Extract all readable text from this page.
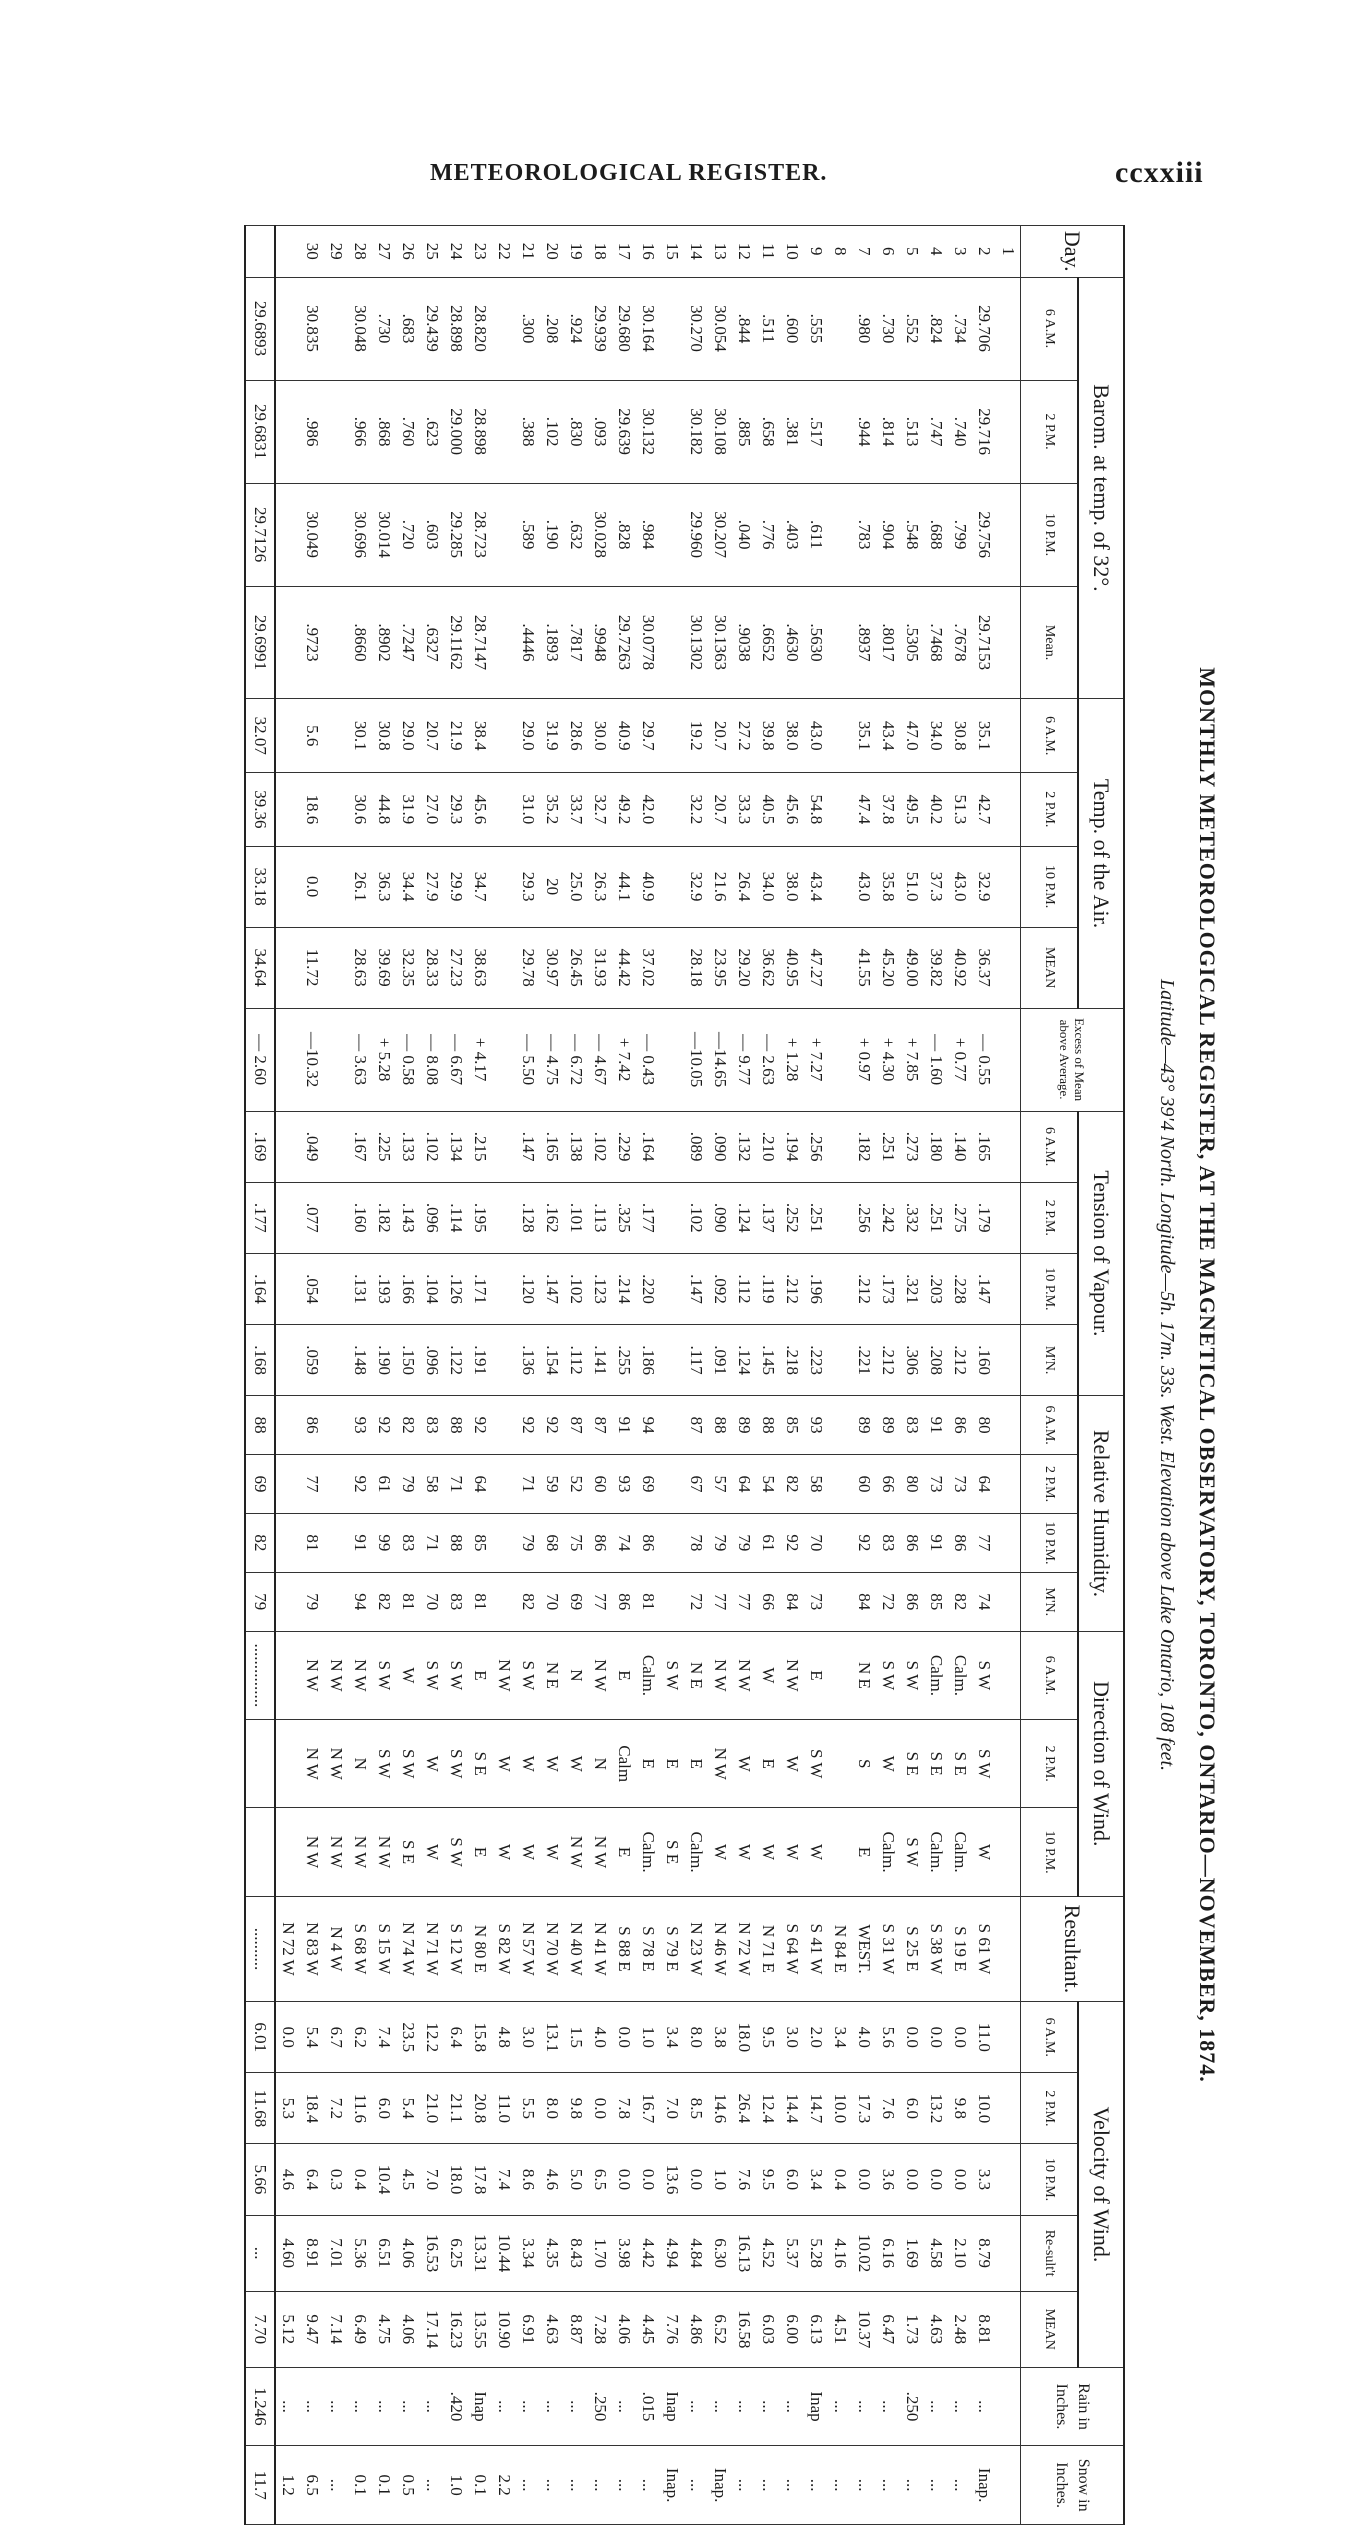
METEOROLOGICAL REGISTER.	ccxxiii
MONTHLY METEOROLOGICAL REGISTER, AT THE MAGNETICAL OBSERVATORY, TORONTO, ONTARIO—NOVEMBER, 1874.
Latitude—43° 39'4 North. Longitude—5h. 17m. 33s. West. Elevation above Lake Ontario, 108 feet.
Day.	Barom. at temp. of 32°.				Temp. of the Air.				Excess of Mean above Average.	Tension of Vapour.				Relative Humidity.				Direction of Wind.			Resultant.	Velocity of Wind.					Rain in Inches.	Snow in Inches.
	6 A.M.	2 P.M.	10 P.M.	Mean.	6 A.M.	2 P.M.	10 P.M.	MEAN		6 A.M.	2 P.M.	10 P.M.	M'N.	6 A.M.	2 P.M.	10 P.M.	M'N.	6 A.M.	2 P.M.	10 P.M.		6 A.M.	2 P.M.	10 P.M.	Re-sult't	MEAN		
1																												
2	29.706	29.716	29.756	29.7153	35.1	42.7	32.9	36.37	— 0.55	.165	.179	.147	.160	80	64	77	74	S W	S W	W	S 61 W	11.0	10.0	3.3	8.79	8.81	...	Inap.
3	.734	.740	.799	.7678	30.8	51.3	43.0	40.92	+ 0.77	.140	.275	.228	.212	86	73	86	82	Calm.	S E	Calm.	S 19 E	0.0	9.8	0.0	2.10	2.48	...	...
4	.824	.747	.688	.7468	34.0	40.2	37.3	39.82	— 1.60	.180	.251	.203	.208	91	73	91	85	Calm.	S E	Calm.	S 38 W	0.0	13.2	0.0	4.58	4.63	...	...
5	.552	.513	.548	.5305	47.0	49.5	51.0	49.00	+ 7.85	.273	.332	.321	.306	83	80	86	86	S W	S E	S W	S 25 E	0.0	6.0	0.0	1.69	1.73	.250	...
6	.730	.814	.904	.8017	43.4	37.8	35.8	45.20	+ 4.30	.251	.242	.173	.212	89	66	83	72	S W	W	Calm.	S 31 W	5.6	7.6	3.6	6.16	6.47	...	...
7	.980	.944	.783	.8937	35.1	47.4	43.0	41.55	+ 0.97	.182	.256	.212	.221	89	60	92	84	N E	S	E	WEST.	4.0	17.3	0.0	10.02	10.37	...	...
8																					N 84 E	3.4	10.0	0.4	4.16	4.51	...	...
9	.555	.517	.611	.5630	43.0	54.8	43.4	47.27	+ 7.27	.256	.251	.196	.223	93	58	70	73	E	S W	W	S 41 W	2.0	14.7	3.4	5.28	6.13	Inap	...
10	.600	.381	.403	.4630	38.0	45.6	38.0	40.95	+ 1.28	.194	.252	.212	.218	85	82	92	84	N W	W	W	S 64 W	3.0	14.4	6.0	5.37	6.00	...	...
11	.511	.658	.776	.6652	39.8	40.5	34.0	36.62	— 2.63	.210	.137	.119	.145	88	54	61	66	W	E	W	N 71 E	9.5	12.4	9.5	4.52	6.03	...	...
12	.844	.885	.040	.9038	27.2	33.3	26.4	29.20	— 9.77	.132	.124	.112	.124	89	64	79	77	N W	W	W	N 72 W	18.0	26.4	7.6	16.13	16.58	...	...
13	30.054	30.108	30.207	30.1363	20.7	20.7	21.6	23.95	—14.65	.090	.090	.092	.091	88	57	79	77	N W	N W	W	N 46 W	3.8	14.6	1.0	6.30	6.52	...	Inap.
14	30.270	30.182	29.960	30.1302	19.2	32.2	32.9	28.18	—10.05	.089	.102	.147	.117	87	67	78	72	N E	E	Calm.	N 23 W	8.0	8.5	0.0	4.84	4.86	...	...
15																		S W	E	S E	S 79 E	3.4	7.0	13.6	4.94	7.76	Inap	Inap.
16	30.164	30.132	.984	30.0778	29.7	42.0	40.9	37.02	— 0.43	.164	.177	.220	.186	94	69	86	81	Calm.	E	Calm.	S 78 E	1.0	16.7	0.0	4.42	4.45	.015	...
17	29.680	29.639	.828	29.7263	40.9	49.2	44.1	44.42	+ 7.42	.229	.325	.214	.255	91	93	74	86	E	Calm	E	S 88 E	0.0	7.8	0.0	3.98	4.06	...	...
18	29.939	.093	30.028	.9948	30.0	32.7	26.3	31.93	— 4.67	.102	.113	.123	.141	87	60	86	77	N W	N	N W	N 41 W	4.0	0.0	6.5	1.70	7.28	.250	...
19	.924	.830	.632	.7817	28.6	33.7	25.0	26.45	— 6.72	.138	.101	.102	.112	87	52	75	69	N	W	N W	N 40 W	1.5	9.8	5.0	8.43	8.87	...	...
20	.208	.102	.190	.1893	31.9	35.2	20	30.97	— 4.75	.165	.162	.147	.154	92	59	68	70	N E	W	W	N 70 W	13.1	8.0	4.6	4.35	4.63	...	...
21	.300	.388	.589	.4446	29.0	31.0	29.3	29.78	— 5.50	.147	.128	.120	.136	92	71	79	82	S W	W	W	N 57 W	3.0	5.5	8.6	3.34	6.91	...	...
22																		N W	W	W	S 82 W	4.8	11.0	7.4	10.44	10.90	...	2.2
23	28.820	28.898	28.723	28.7147	38.4	45.6	34.7	38.63	+ 4.17	.215	.195	.171	.191	92	64	85	81	E	S E	E	N 80 E	15.8	20.8	17.8	13.31	13.55	Inap	0.1
24	28.898	29.000	29.285	29.1162	21.9	29.3	29.9	27.23	— 6.67	.134	.114	.126	.122	88	71	88	83	S W	S W	S W	S 12 W	6.4	21.1	18.0	6.25	16.23	.420	1.0
25	29.439	.623	.603	.6327	20.7	27.0	27.9	28.33	— 8.08	.102	.096	.104	.096	83	58	71	70	S W	W	W	N 71 W	12.2	21.0	7.0	16.53	17.14	...	...
26	.683	.760	.720	.7247	29.0	31.9	34.4	32.35	— 0.58	.133	.143	.166	.150	82	79	83	81	W	S W	S E	N 74 W	23.5	5.4	4.5	4.06	4.06	...	0.5
27	.730	.868	30.014	.8902	30.8	44.8	36.3	39.69	+ 5.28	.225	.182	.193	.190	92	61	99	82	S W	S W	N W	S 15 W	7.4	6.0	10.4	6.51	4.75	...	0.1
28	30.048	.966	30.696	.8660	30.1	30.6	26.1	28.63	— 3.63	.167	.160	.131	.148	93	92	91	94	N W	N	N W	S 68 W	6.2	11.6	0.4	5.36	6.49	...	0.1
29																		N W	N W	N W	N 4 W	6.7	7.2	0.3	7.01	7.14	...	...
30	30.835	.986	30.049	.9723	5.6	18.6	0.0	11.72	—10.32	.049	.077	.054	.059	86	77	81	79	N W	N W	N W	N 83 W	5.4	18.4	6.4	8.91	9.47	...	6.5
																					N 72 W	0.0	5.3	4.6	4.60	5.12	...	1.2
	29.6893	29.6831	29.7126	29.6991	32.07	39.36	33.18	34.64	— 2.60	.169	.177	.164	.168	88	69	82	79	...............			..........	6.01	11.68	5.66	...	7.70	1.246	11.7
